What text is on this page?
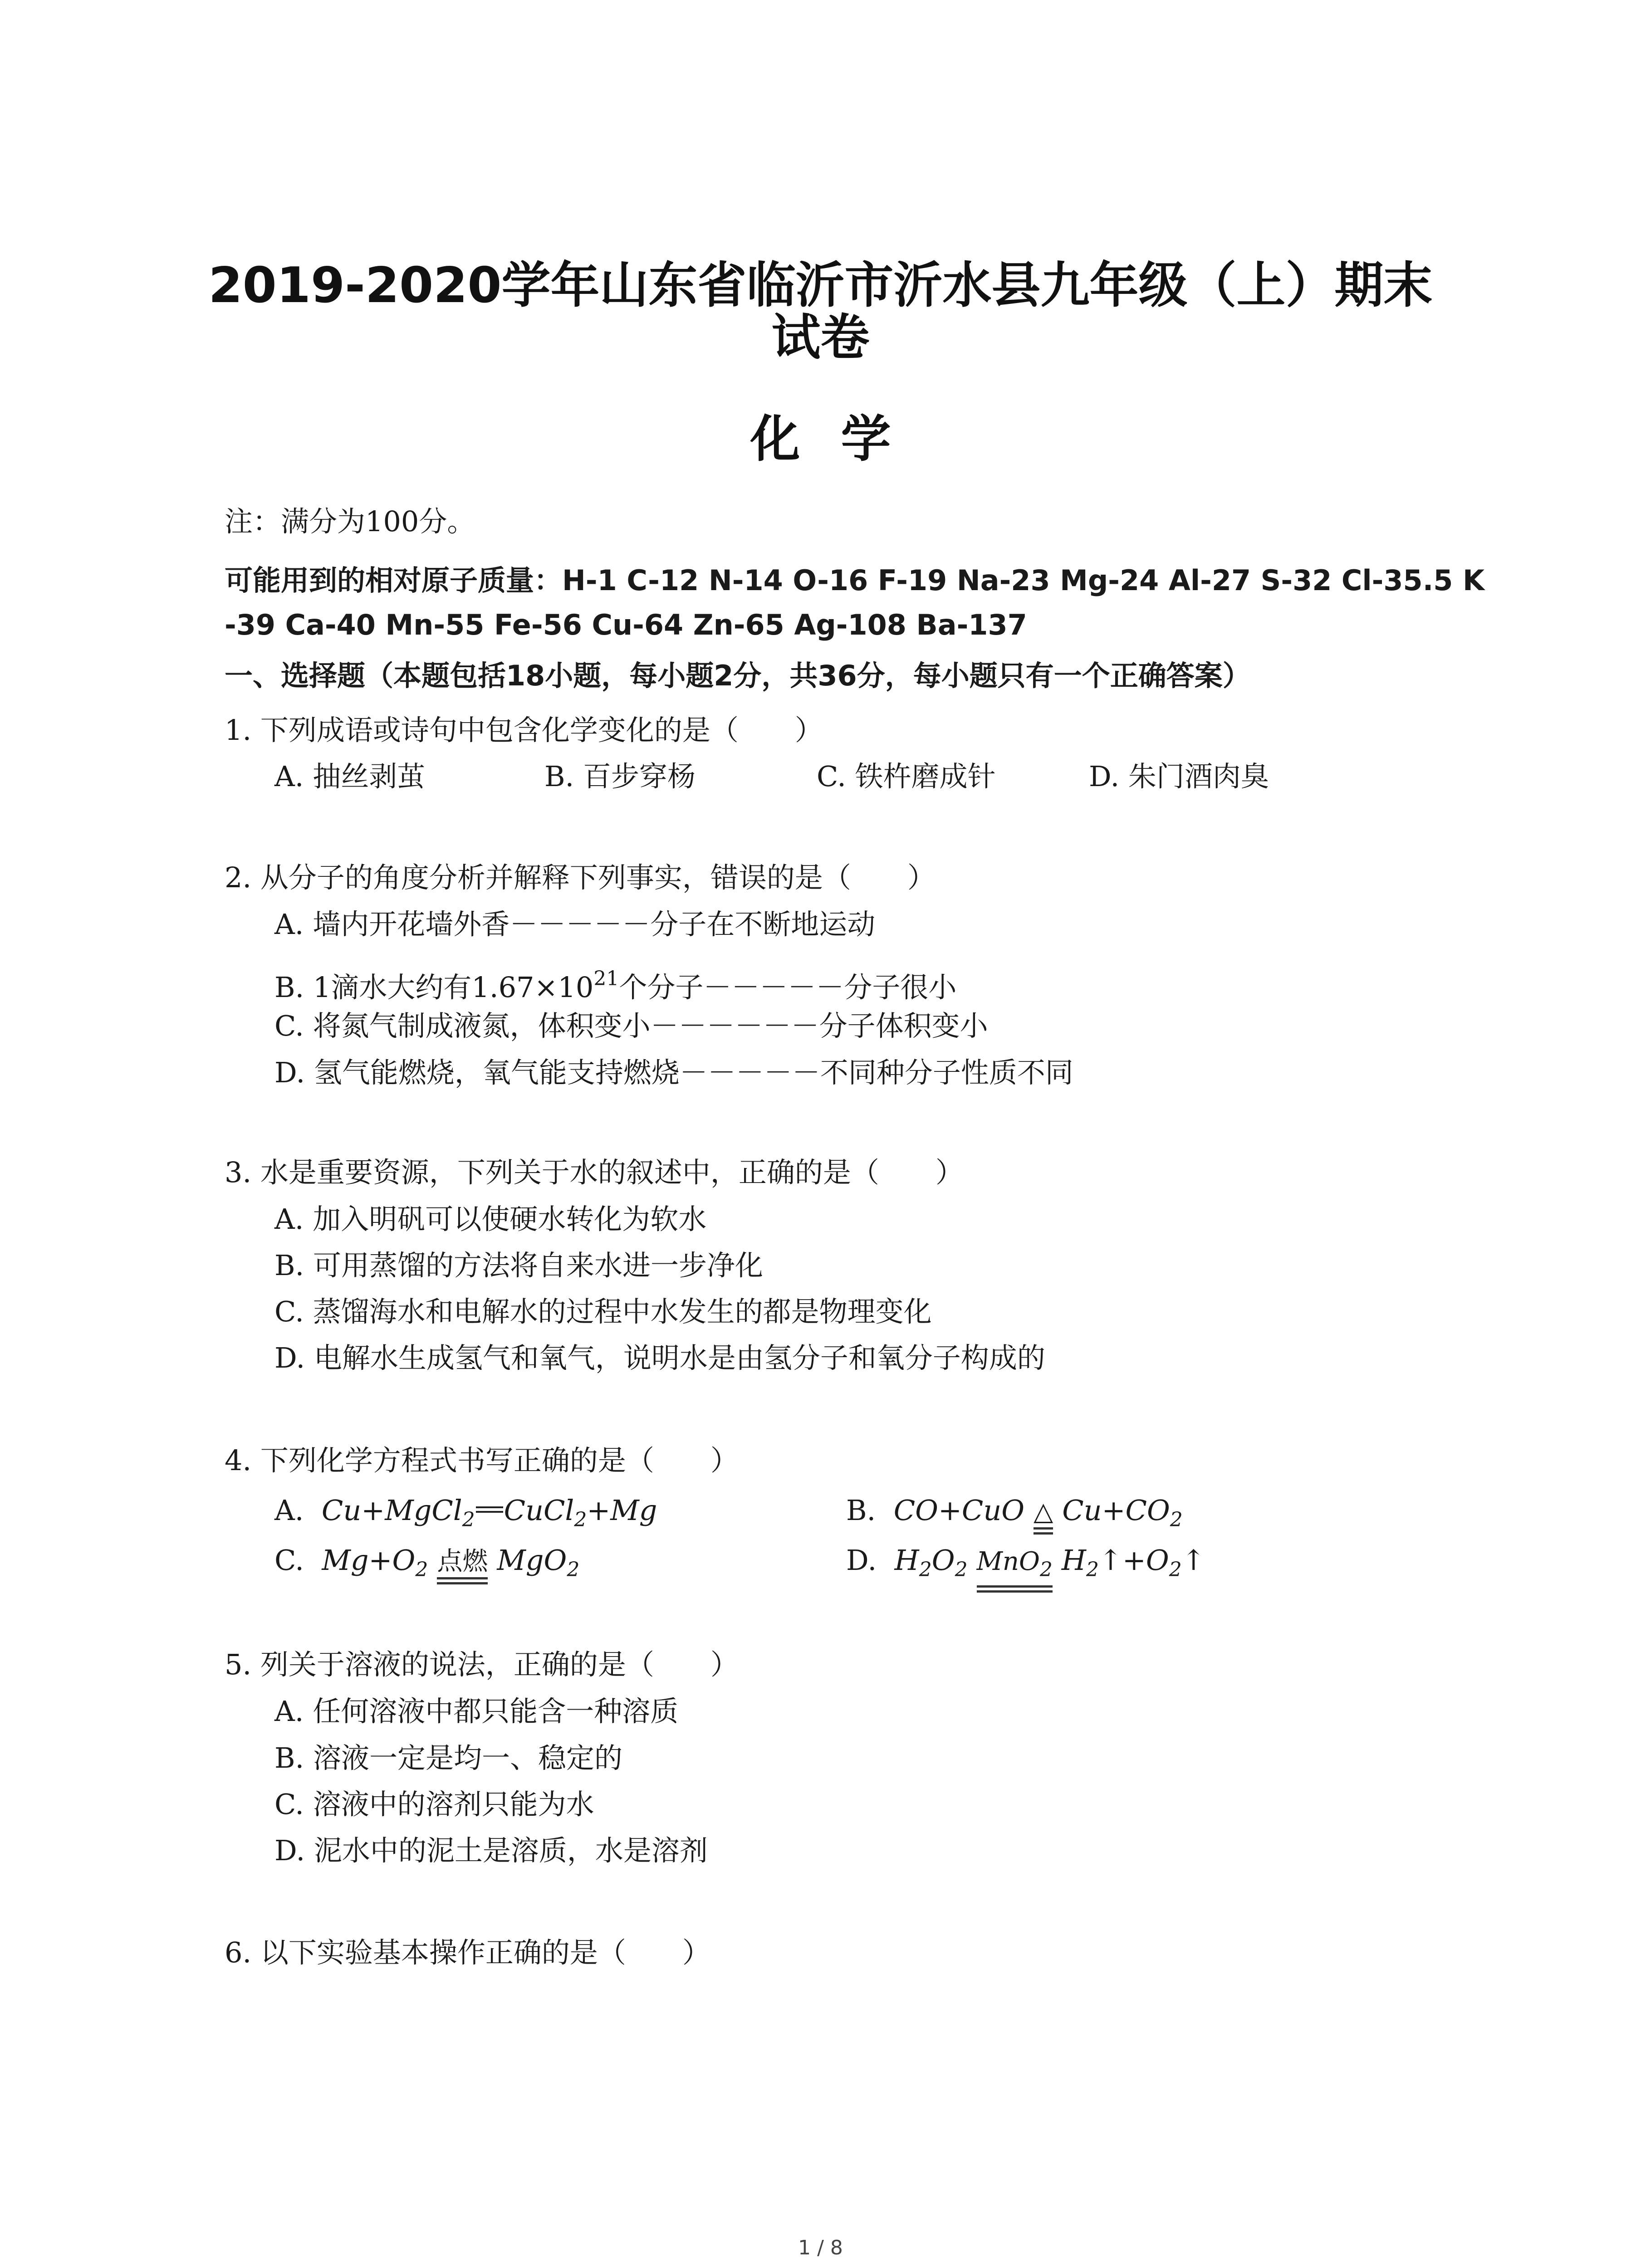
2019-2020学年山东省临沂市沂水县九年级（上）期末
试卷
化学
注：满分为100分。
可能用到的相对原子质量：H-1 C-12 N-14 O-16 F-19 Na-23 Mg-24 Al-27 S-32 Cl-35.5 K
-39 Ca-40 Mn-55 Fe-56 Cu-64 Zn-65 Ag-108 Ba-137
一、选择题（本题包括18小题，每小题2分，共36分，每小题只有一个正确答案）
1. 下列成语或诗句中包含化学变化的是（　　）
A. 抽丝剥茧	B. 百步穿杨	C. 铁杵磨成针	D. 朱门酒肉臭
2. 从分子的角度分析并解释下列事实，错误的是（　　）
A. 墙内开花墙外香－－－－－分子在不断地运动
B. 1滴水大约有$1.67\times 10^{21}$个分子－－－－－分子很小
C. 将氮气制成液氮，体积变小－－－－－－分子体积变小
D. 氢气能燃烧，氧气能支持燃烧－－－－－不同种分子性质不同
3. 水是重要资源，下列关于水的叙述中，正确的是（　　）
A. 加入明矾可以使硬水转化为软水
B. 可用蒸馏的方法将自来水进一步净化
C. 蒸馏海水和电解水的过程中水发生的都是物理变化
D. 电解水生成氢气和氧气，说明水是由氢分子和氧分子构成的
4. 下列化学方程式书写正确的是（　　）
A. Cu+MgCl$_2$ CuCl$_2$+Mg	B. CO+CuO △ $Cu+CO_2$
C. $Mg+O_2$ 点燃 MgO$_2$	D. $H_2O_2$ MnO$_2$ $H_2↑+O_2↑$
5. 列关于溶液的说法，正确的是（　　）
A. 任何溶液中都只能含一种溶质
B. 溶液一定是均一、稳定的
C. 溶液中的溶剂只能为水
D. 泥水中的泥土是溶质，水是溶剂
6. 以下实验基本操作正确的是（　　）
1 / 8
